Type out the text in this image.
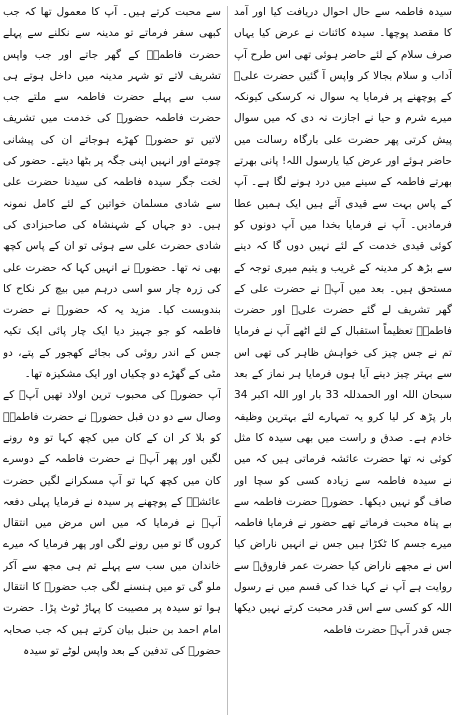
سیدہ فاطمہ سے حال احوال دریافت کیا اور آمد کا مقصد پوچھا۔ سیدہ کائنات نے عرض کیا یہاں صرف سلام کے لئے حاضر ہوئی تھی اس طرح آپ آداب و سلام بجالا کر واپس آ گئیں حضرت علیؓ کے پوچھنے پر فرمایا یہ سوال نہ کرسکی کیونکہ میرے شرم و حیا نے اجازت نہ دی کہ میں سوال پیش کرتی پھر حضرت علی بارگاہ رسالت میں حاضر ہوئے اور عرض کیا یارسول اللہ! پانی بھرتے بھرتے فاطمہ کے سینے میں درد ہونے لگا ہے۔ آپ کے پاس بہت سے قیدی آئے ہیں ایک ہمیں عطا فرمادیں۔ آپ نے فرمایا بخدا میں آپ دونوں کو کوئی قیدی خدمت کے لئے نہیں دوں گا کہ دینے سے بڑھ کر مدینہ کے غریب و یتیم میری توجہ کے مستحق ہیں۔ بعد میں آپؐ نے حضرت علی کے گھر تشریف لے گئے حضرت علیؓ اور حضرت فاطمہؓ تعظیماً استقبال کے لئے اٹھے آپ نے فرمایا تم نے جس چیز کی خواہش ظاہر کی تھی اس سے بہتر چیز دینے آیا ہوں فرمایا ہر نماز کے بعد سبحان اللہ اور الحمدللہ 33 بار اور اللہ اکبر 34 بار پڑھ کر لیا کرو یہ تمہارے لئے بہترین وظیفہ خادم ہے۔ صدق و راست میں بھی سیدہ کا مثل کوئی نہ تھا حضرت عائشہ فرماتی ہیں کہ میں نے سیدہ فاطمہ سے زیادہ کسی کو سچا اور صاف گو نہیں دیکھا۔ حضورؐ حضرت فاطمہ سے بے پناہ محبت فرماتے تھے حضور نے فرمایا فاطمہ میرے جسم کا ٹکڑا ہیں جس نے انہیں ناراض کیا اس نے مجھے ناراض کیا حضرت عمر فاروقؓ سے روایت ہے آپ نے کہا خدا کی قسم میں نے رسول اللہ کو کسی سے اس قدر محبت کرتے نہیں دیکھا جس قدر آپؐ حضرت فاطمہ

سے محبت کرتے ہیں۔ آپ کا معمول تھا کہ جب کبھی سفر فرماتے تو مدینہ سے نکلنے سے پہلے حضرت فاطمہؓ کے گھر جاتے اور جب واپس تشریف لاتے تو شہر مدینہ میں داخل ہوتے ہی سب سے پہلے حضرت فاطمہ سے ملتے جب حضرت فاطمہ حضورؐ کی خدمت میں تشریف لاتیں تو حضورؐ کھڑے ہوجاتے ان کی پیشانی چومتے اور انہیں اپنی جگہ پر بٹھا دیتے۔ حضور کی لخت جگر سیدہ فاطمہ کی سیدنا حضرت علی سے شادی مسلمان خواتین کے لئے کامل نمونہ ہیں۔ دو جہاں کے شہنشاہ کی صاحبزادی کی شادی حضرت علی سے ہوئی تو ان کے پاس کچھ بھی نہ تھا۔ حضورؐ نے انہیں کہا کہ حضرت علی کی زرہ چار سو اسی درہم میں بیچ کر نکاح کا بندوبست کیا۔ مزید یہ کہ حضورؐ نے حضرت فاطمہ کو جو جہیز دیا ایک چار پائی ایک تکیہ جس کے اندر روئی کی بجائے کھجور کے پتے، دو مٹی کے گھڑے دو چکیاں اور ایک مشکیزہ تھا۔

آپ حضورؐ کی محبوب ترین اولاد تھیں آپؐ کے وصال سے دو دن قبل حضورؐ نے حضرت فاطمہؓ کو بلا کر ان کے کان میں کچھ کہا تو وہ رونے لگیں اور پھر آپؐ نے حضرت فاطمہ کے دوسرے کان میں کچھ کہا تو آپ مسکرانے لگیں حضرت عائشہؓ کے پوچھنے پر سیدہ نے فرمایا پہلی دفعہ آپؐ نے فرمایا کہ میں اس مرض میں انتقال کروں گا تو میں رونے لگی اور پھر فرمایا کہ میرے خاندان میں سب سے پہلے تم ہی مجھ سے آکر ملو گی تو میں ہنسنے لگی جب حضورؐ کا انتقال ہوا تو سیدہ پر مصیبت کا پہاڑ ٹوٹ پڑا۔ حضرت امام احمد بن حنبل بیان کرتے ہیں کہ جب صحابہ حضورؐ کی تدفین کے بعد واپس لوٹے تو سیدہ
